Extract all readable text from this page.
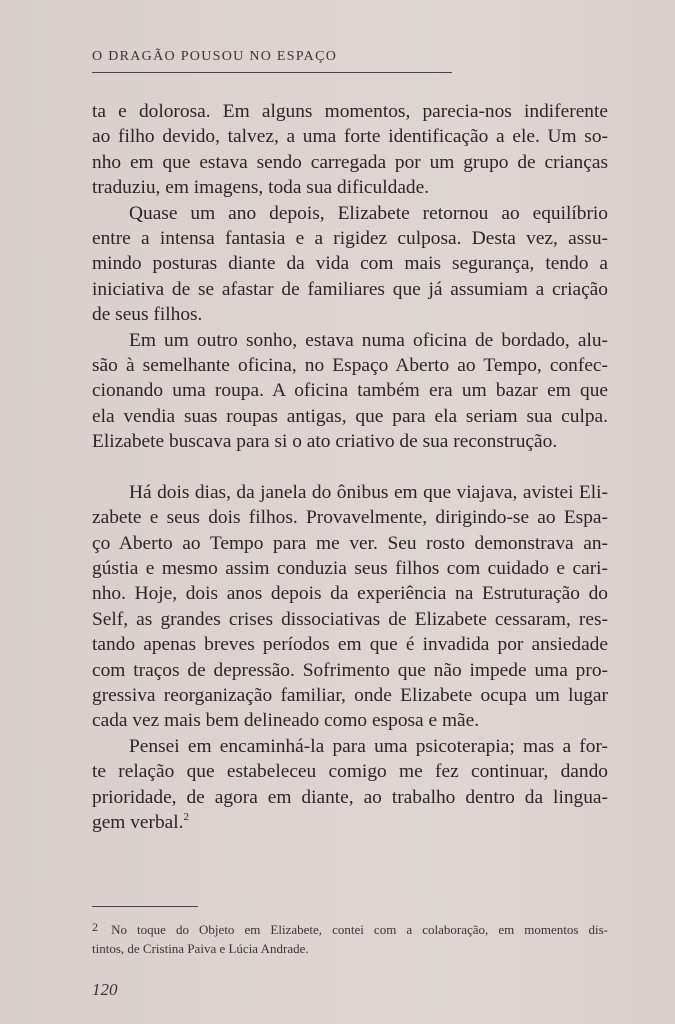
O DRAGÃO POUSOU NO ESPAÇO
ta e dolorosa. Em alguns momentos, parecia-nos indiferente
ao filho devido, talvez, a uma forte identificação a ele. Um so-
nho em que estava sendo carregada por um grupo de crianças
traduziu, em imagens, toda sua dificuldade.
Quase um ano depois, Elizabete retornou ao equilíbrio
entre a intensa fantasia e a rigidez culposa. Desta vez, assu-
mindo posturas diante da vida com mais segurança, tendo a
iniciativa de se afastar de familiares que já assumiam a criação
de seus filhos.
Em um outro sonho, estava numa oficina de bordado, alu-
são à semelhante oficina, no Espaço Aberto ao Tempo, confec-
cionando uma roupa. A oficina também era um bazar em que
ela vendia suas roupas antigas, que para ela seriam sua culpa.
Elizabete buscava para si o ato criativo de sua reconstrução.
Há dois dias, da janela do ônibus em que viajava, avistei Eli-
zabete e seus dois filhos. Provavelmente, dirigindo-se ao Espa-
ço Aberto ao Tempo para me ver. Seu rosto demonstrava an-
gústia e mesmo assim conduzia seus filhos com cuidado e cari-
nho. Hoje, dois anos depois da experiência na Estruturação do
Self, as grandes crises dissociativas de Elizabete cessaram, res-
tando apenas breves períodos em que é invadida por ansiedade
com traços de depressão. Sofrimento que não impede uma pro-
gressiva reorganização familiar, onde Elizabete ocupa um lugar
cada vez mais bem delineado como esposa e mãe.
Pensei em encaminhá-la para uma psicoterapia; mas a for-
te relação que estabeleceu comigo me fez continuar, dando
prioridade, de agora em diante, ao trabalho dentro da lingua-
gem verbal.$^2$
2 No toque do Objeto em Elizabete, contei com a colaboração, em momentos dis-
tintos, de Cristina Paiva e Lúcia Andrade.
120
